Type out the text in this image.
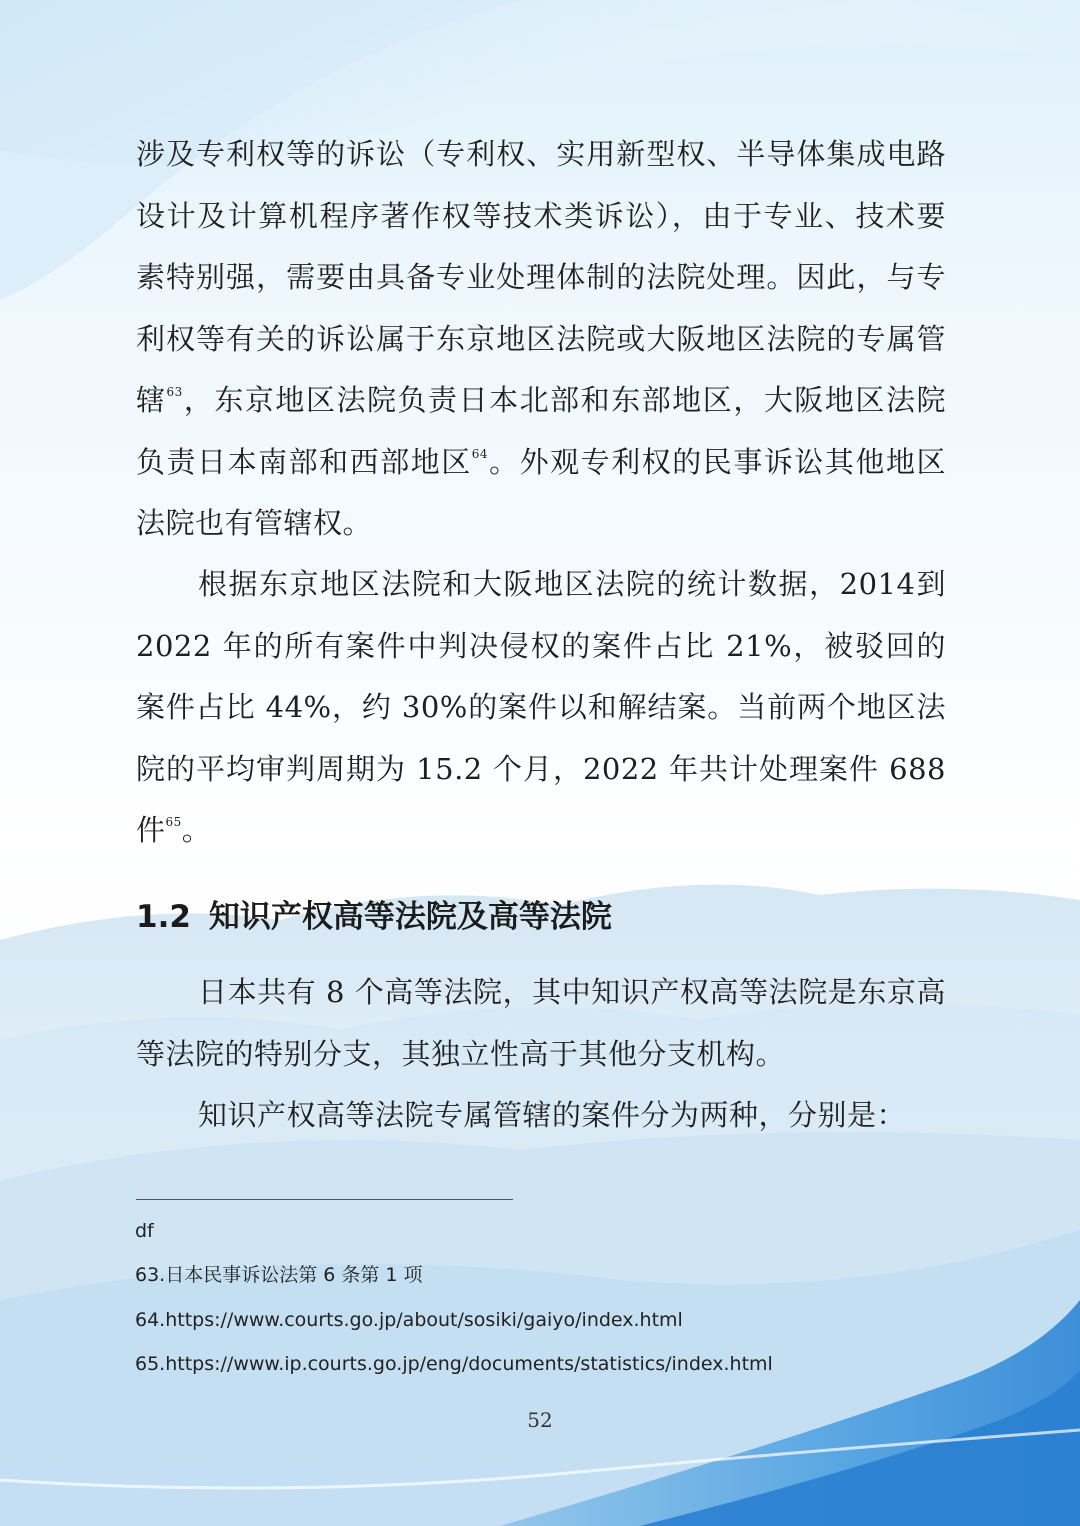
涉及专利权等的诉讼（专利权、实用新型权、半导体集成电路设计及计算机程序著作权等技术类诉讼），由于专业、技术要素特别强，需要由具备专业处理体制的法院处理。因此，与专利权等有关的诉讼属于东京地区法院或大阪地区法院的专属管辖$^{63}$，东京地区法院负责日本北部和东部地区，大阪地区法院负责日本南部和西部地区$^{64}$。外观专利权的民事诉讼其他地区法院也有管辖权。

根据东京地区法院和大阪地区法院的统计数据，2014到 2022 年的所有案件中判决侵权的案件占比 21%，被驳回的案件占比 44%，约 30%的案件以和解结案。当前两个地区法院的平均审判周期为 15.2 个月，2022 年共计处理案件 688 件$^{65}$。

1.2 知识产权高等法院及高等法院

日本共有 8 个高等法院，其中知识产权高等法院是东京高等法院的特别分支，其独立性高于其他分支机构。

知识产权高等法院专属管辖的案件分为两种，分别是：

df

63.日本民事诉讼法第 6 条第 1 项

64.https://www.courts.go.jp/about/sosiki/gaiyo/index.html

65.https://www.ip.courts.go.jp/eng/documents/statistics/index.html

52
